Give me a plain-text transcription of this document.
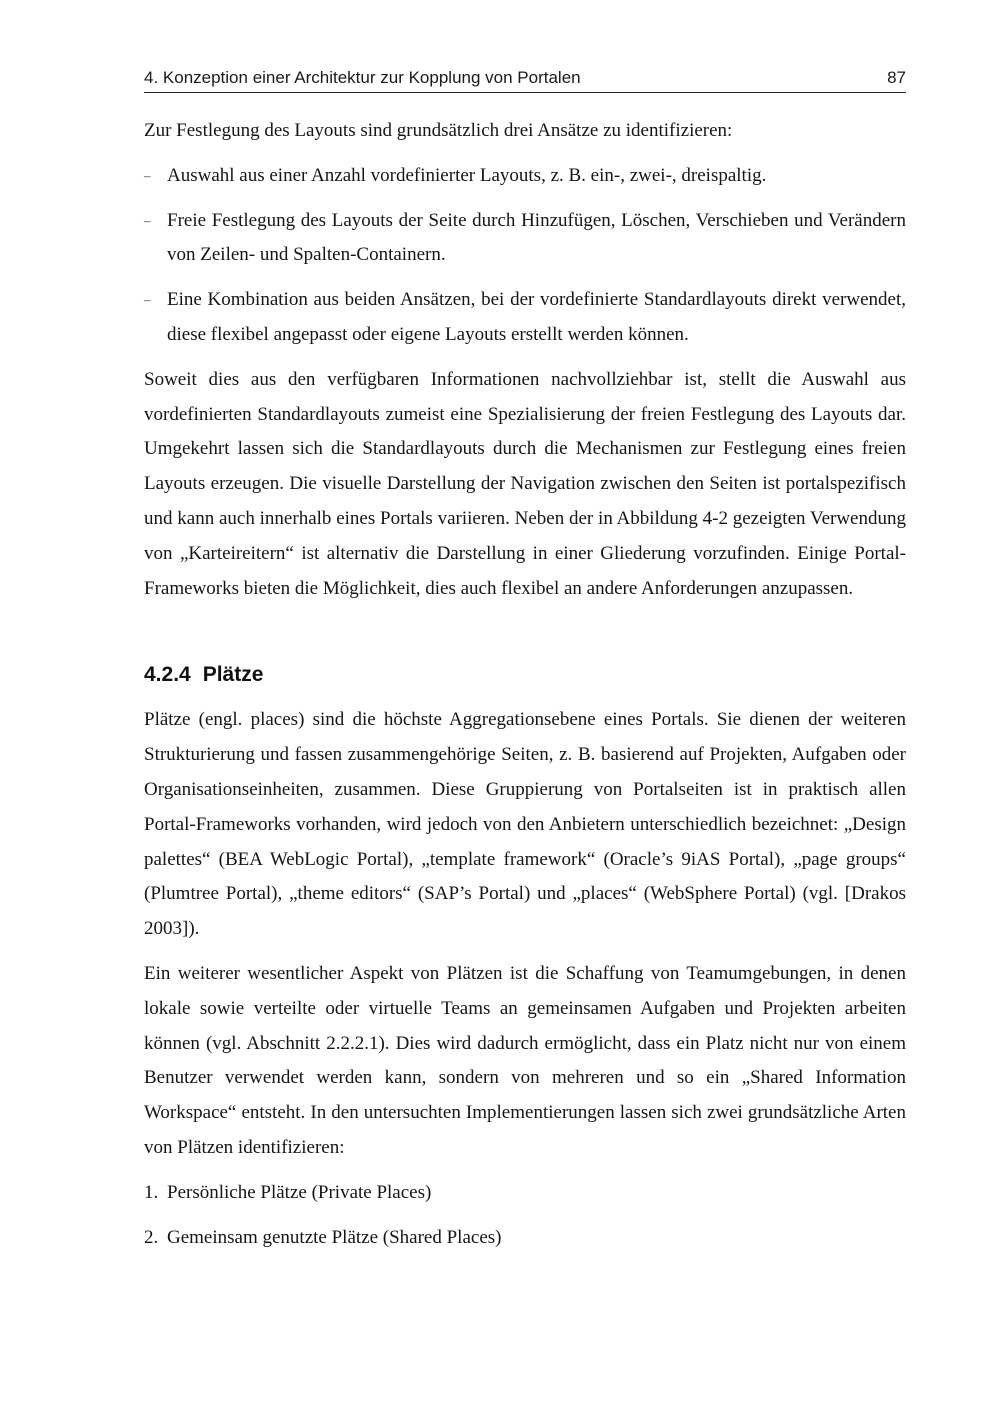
4. Konzeption einer Architektur zur Kopplung von Portalen	87

Zur Festlegung des Layouts sind grundsätzlich drei Ansätze zu identifizieren:

– Auswahl aus einer Anzahl vordefinierter Layouts, z. B. ein-, zwei-, dreispaltig.
– Freie Festlegung des Layouts der Seite durch Hinzufügen, Löschen, Verschieben und Verändern von Zeilen- und Spalten-Containern.
– Eine Kombination aus beiden Ansätzen, bei der vordefinierte Standardlayouts direkt verwendet, diese flexibel angepasst oder eigene Layouts erstellt werden können.

Soweit dies aus den verfügbaren Informationen nachvollziehbar ist, stellt die Auswahl aus vordefinierten Standardlayouts zumeist eine Spezialisierung der freien Festlegung des Layouts dar. Umgekehrt lassen sich die Standardlayouts durch die Mechanismen zur Festlegung eines freien Layouts erzeugen. Die visuelle Darstellung der Navigation zwischen den Seiten ist portalspezifisch und kann auch innerhalb eines Portals variieren. Neben der in Abbildung 4-2 gezeigten Verwendung von „Karteireitern“ ist alternativ die Darstellung in einer Gliederung vorzufinden. Einige Portal-Frameworks bieten die Möglichkeit, dies auch flexibel an andere Anforderungen anzupassen.

4.2.4 Plätze

Plätze (engl. places) sind die höchste Aggregationsebene eines Portals. Sie dienen der weiteren Strukturierung und fassen zusammengehörige Seiten, z. B. basierend auf Projekten, Aufgaben oder Organisationseinheiten, zusammen. Diese Gruppierung von Portalseiten ist in praktisch allen Portal-Frameworks vorhanden, wird jedoch von den Anbietern unterschiedlich bezeichnet: „Design palettes“ (BEA WebLogic Portal), „template framework“ (Oracle’s 9iAS Portal), „page groups“ (Plumtree Portal), „theme editors“ (SAP’s Portal) und „places“ (WebSphere Portal) (vgl. [Drakos 2003]).

Ein weiterer wesentlicher Aspekt von Plätzen ist die Schaffung von Teamumgebungen, in denen lokale sowie verteilte oder virtuelle Teams an gemeinsamen Aufgaben und Projekten arbeiten können (vgl. Abschnitt 2.2.2.1). Dies wird dadurch ermöglicht, dass ein Platz nicht nur von einem Benutzer verwendet werden kann, sondern von mehreren und so ein „Shared Information Workspace“ entsteht. In den untersuchten Implementierungen lassen sich zwei grundsätzliche Arten von Plätzen identifizieren:

1. Persönliche Plätze (Private Places)
2. Gemeinsam genutzte Plätze (Shared Places)
